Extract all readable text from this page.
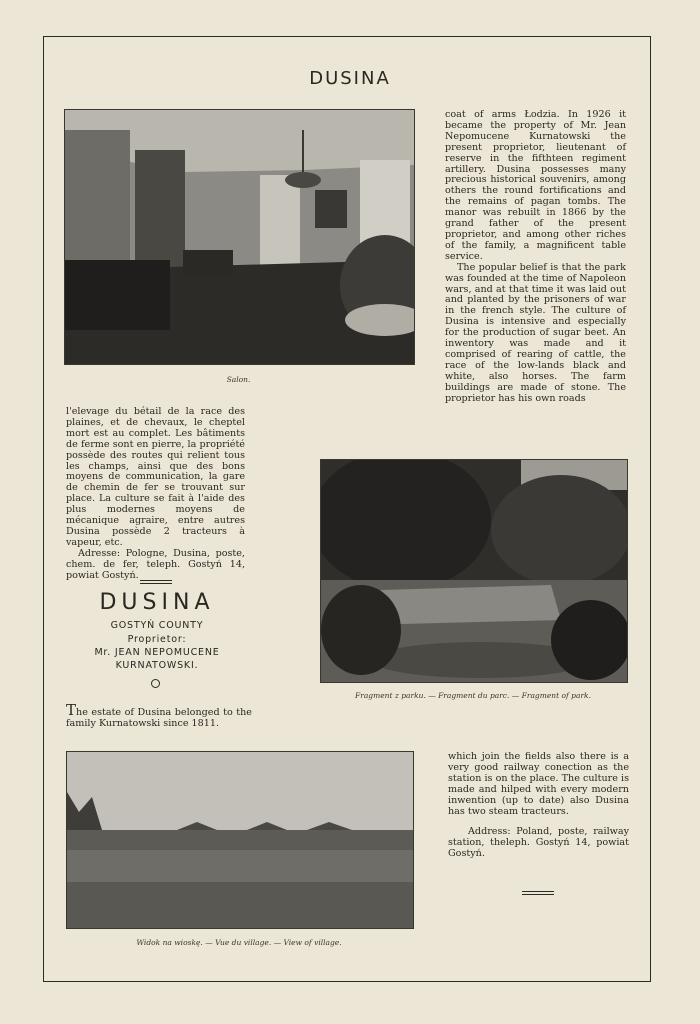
DUSINA
Salon.

coat of arms Łodzia. In 1926 it became the property of Mr. Jean Nepomucene Kurnatowski the present proprietor, lieutenant of reserve in the fifthteen regiment artillery. Dusina possesses many precious historical souvenirs, among others the round fortifications and the remains of pagan tombs. The manor was rebuilt in 1866 by the grand father of the present proprietor, and among other riches of the family, a magnificent table service.

The popular belief is that the park was founded at the time of Napoleon wars, and at that time it was laid out and planted by the prisoners of war in the french style. The culture of Dusina is intensive and especially for the production of sugar beet. An inwentory was made and it comprised of rearing of cattle, the race of the low-lands black and white, also horses. The farm buildings are made of stone. The proprietor has his own roads

l'elevage du bétail de la race des plaines, et de chevaux, le cheptel mort est au complet. Les bâtiments de ferme sont en pierre, la propriété possède des routes qui relient tous les champs, ainsi que des bons moyens de communication, la gare de chemin de fer se trouvant sur place. La culture se fait à l'aide des plus modernes moyens de mécanique agraire, entre autres Dusina possède 2 tracteurs à vapeur, etc.

Adresse: Pologne, Dusina, poste, chem. de fer, teleph. Gostyń 14, powiat Gostyń.

DUSINA
GOSTYŃ COUNTY
Proprietor:
Mr. JEAN NEPOMUCENE
KURNATOWSKI.
The estate of Dusina belonged to the family Kurnatowski since 1811.
Fragment z parku. — Fragment du parc. — Fragment of park.
Widok na wioskę. — Vue du village. — View of village.

which join the fields also there is a very good railway conection as the station is on the place. The culture is made and hilped with every modern inwention (up to date) also Dusina has two steam tracteurs.

Address: Poland, poste, railway station, theleph. Gostyń 14, powiat Gostyń.
